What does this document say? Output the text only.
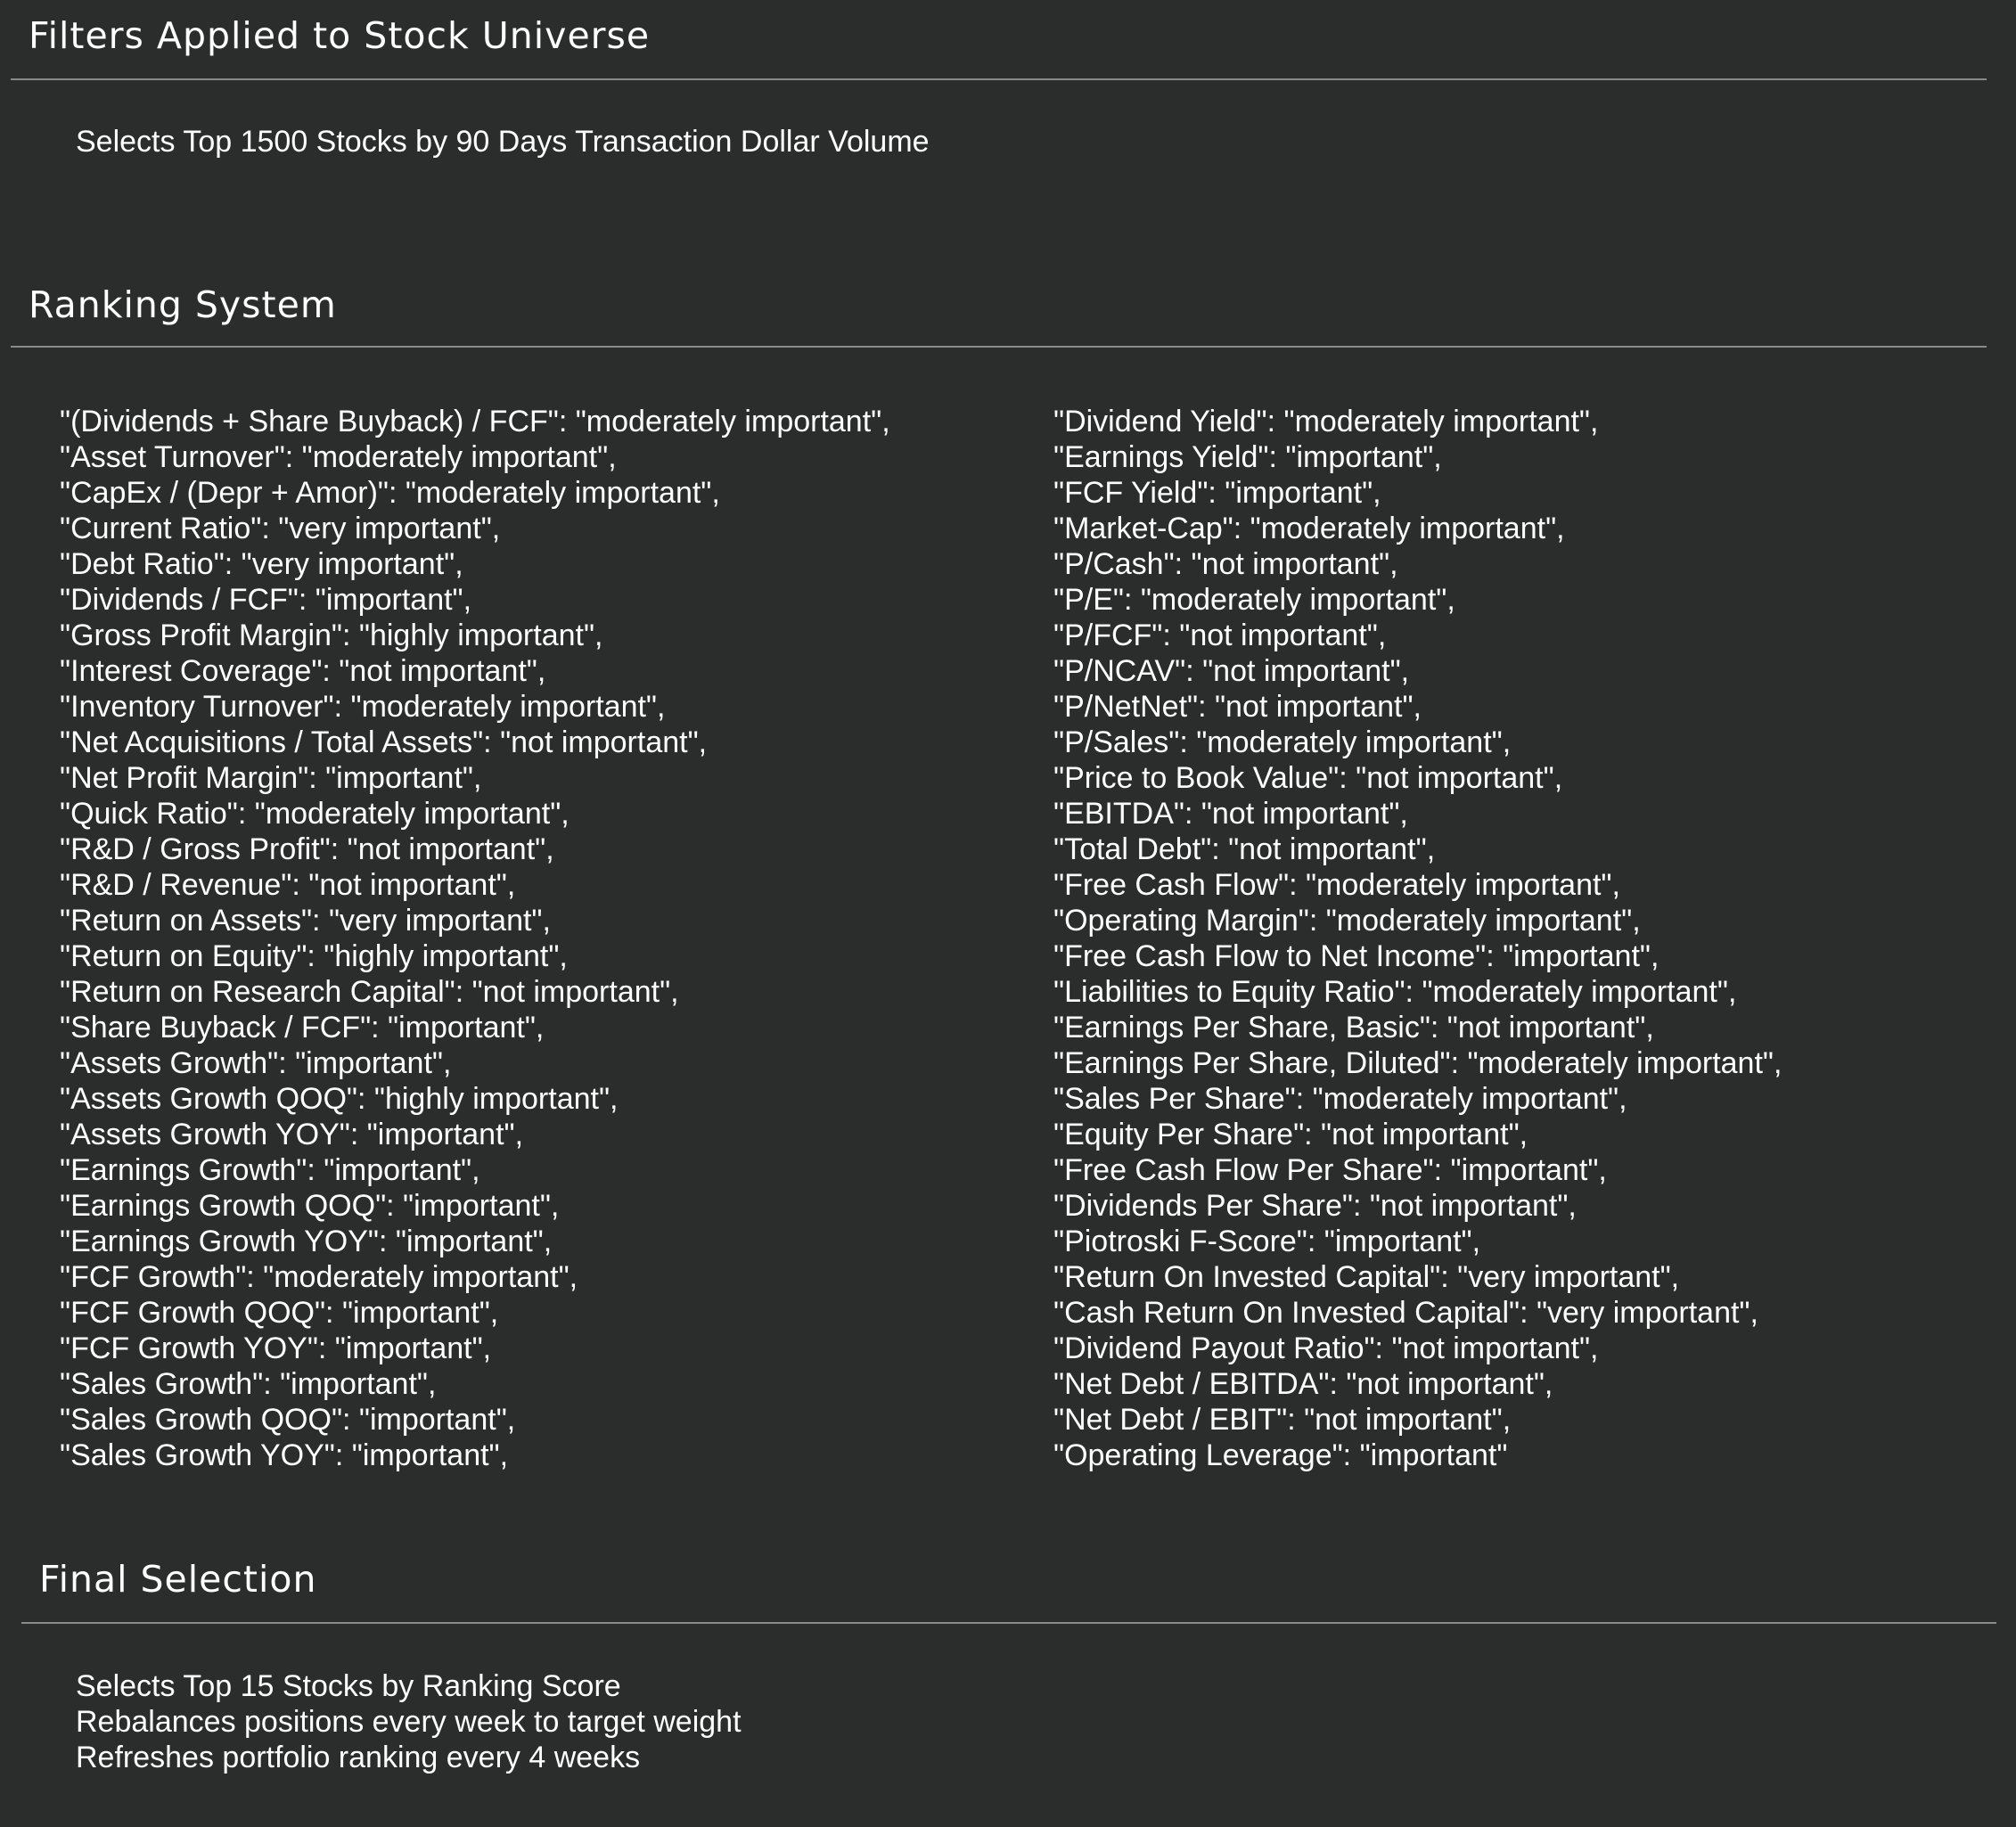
Filters Applied to Stock Universe
Selects Top 1500 Stocks by 90 Days Transaction Dollar Volume
Ranking System
"(Dividends + Share Buyback) / FCF": "moderately important",
"Asset Turnover": "moderately important",
"CapEx / (Depr + Amor)": "moderately important",
"Current Ratio": "very important",
"Debt Ratio": "very important",
"Dividends / FCF": "important",
"Gross Profit Margin": "highly important",
"Interest Coverage": "not important",
"Inventory Turnover": "moderately important",
"Net Acquisitions / Total Assets": "not important",
"Net Profit Margin": "important",
"Quick Ratio": "moderately important",
"R&D / Gross Profit": "not important",
"R&D / Revenue": "not important",
"Return on Assets": "very important",
"Return on Equity": "highly important",
"Return on Research Capital": "not important",
"Share Buyback / FCF": "important",
"Assets Growth": "important",
"Assets Growth QOQ": "highly important",
"Assets Growth YOY": "important",
"Earnings Growth": "important",
"Earnings Growth QOQ": "important",
"Earnings Growth YOY": "important",
"FCF Growth": "moderately important",
"FCF Growth QOQ": "important",
"FCF Growth YOY": "important",
"Sales Growth": "important",
"Sales Growth QOQ": "important",
"Sales Growth YOY": "important",
"Dividend Yield": "moderately important",
"Earnings Yield": "important",
"FCF Yield": "important",
"Market-Cap": "moderately important",
"P/Cash": "not important",
"P/E": "moderately important",
"P/FCF": "not important",
"P/NCAV": "not important",
"P/NetNet": "not important",
"P/Sales": "moderately important",
"Price to Book Value": "not important",
"EBITDA": "not important",
"Total Debt": "not important",
"Free Cash Flow": "moderately important",
"Operating Margin": "moderately important",
"Free Cash Flow to Net Income": "important",
"Liabilities to Equity Ratio": "moderately important",
"Earnings Per Share, Basic": "not important",
"Earnings Per Share, Diluted": "moderately important",
"Sales Per Share": "moderately important",
"Equity Per Share": "not important",
"Free Cash Flow Per Share": "important",
"Dividends Per Share": "not important",
"Piotroski F-Score": "important",
"Return On Invested Capital": "very important",
"Cash Return On Invested Capital": "very important",
"Dividend Payout Ratio": "not important",
"Net Debt / EBITDA": "not important",
"Net Debt / EBIT": "not important",
"Operating Leverage": "important"
Final Selection
Selects Top 15 Stocks by Ranking Score
Rebalances positions every week to target weight
Refreshes portfolio ranking every 4 weeks
